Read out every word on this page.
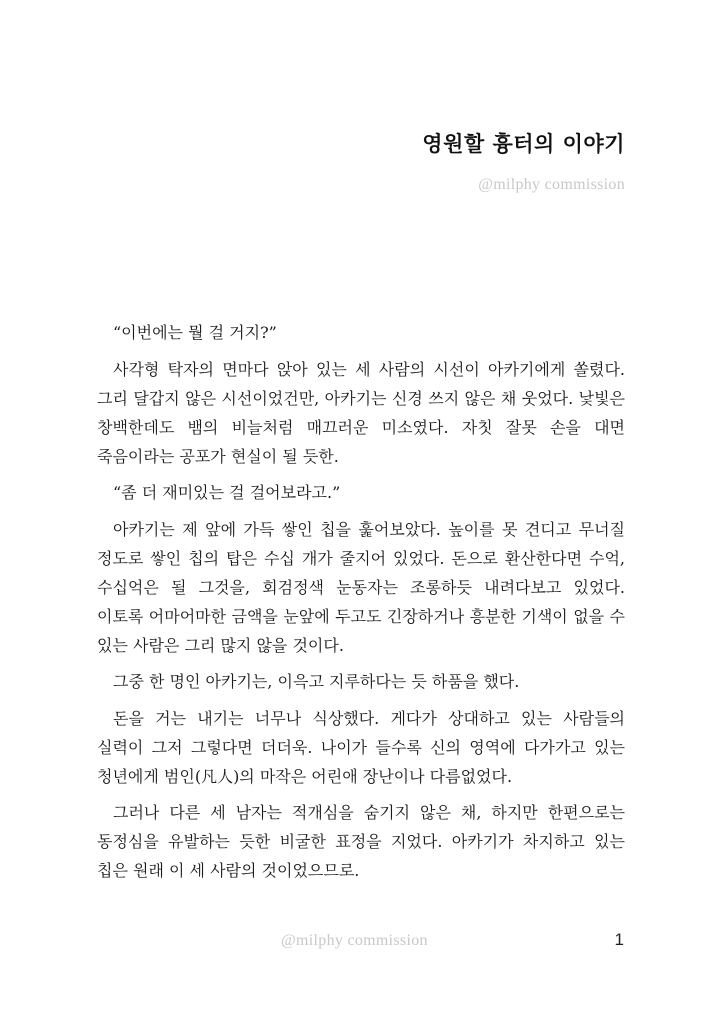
영원할 흉터의 이야기
@milphy commission

“이번에는 뭘 걸 거지?”

사각형 탁자의 면마다 앉아 있는 세 사람의 시선이 아카기에게 쏠렸다. 그리 달갑지 않은 시선이었건만, 아카기는 신경 쓰지 않은 채 웃었다. 낯빛은 창백한데도 뱀의 비늘처럼 매끄러운 미소였다. 자칫 잘못 손을 대면 죽음이라는 공포가 현실이 될 듯한.

“좀 더 재미있는 걸 걸어보라고.”

아카기는 제 앞에 가득 쌓인 칩을 훑어보았다. 높이를 못 견디고 무너질 정도로 쌓인 칩의 탑은 수십 개가 줄지어 있었다. 돈으로 환산한다면 수억, 수십억은 될 그것을, 회검정색 눈동자는 조롱하듯 내려다보고 있었다. 이토록 어마어마한 금액을 눈앞에 두고도 긴장하거나 흥분한 기색이 없을 수 있는 사람은 그리 많지 않을 것이다.

그중 한 명인 아카기는, 이윽고 지루하다는 듯 하품을 했다.

돈을 거는 내기는 너무나 식상했다. 게다가 상대하고 있는 사람들의 실력이 그저 그렇다면 더더욱. 나이가 들수록 신의 영역에 다가가고 있는 청년에게 범인(凡人)의 마작은 어린애 장난이나 다름없었다.

그러나 다른 세 남자는 적개심을 숨기지 않은 채, 하지만 한편으로는 동정심을 유발하는 듯한 비굴한 표정을 지었다. 아카기가 차지하고 있는 칩은 원래 이 세 사람의 것이었으므로.

@milphy commission	1
